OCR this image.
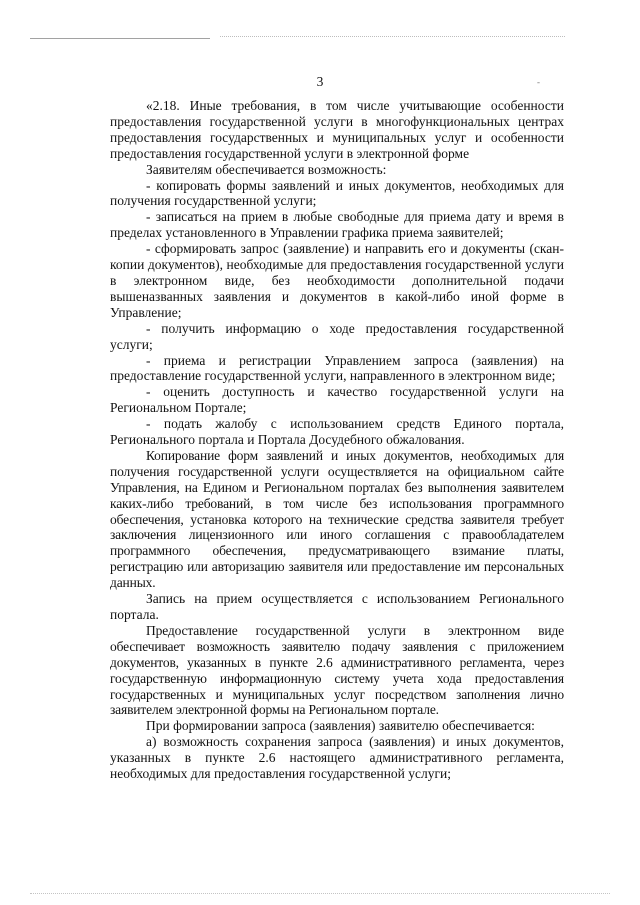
3	-

«2.18. Иные требования, в том числе учитывающие особенности предоставления государственной услуги в многофункциональных центрах предоставления государственных и муниципальных услуг и особенности предоставления государственной услуги в электронной форме

Заявителям обеспечивается возможность:

- копировать формы заявлений и иных документов, необходимых для получения государственной услуги;

- записаться на прием в любые свободные для приема дату и время в пределах установленного в Управлении графика приема заявителей;

- сформировать запрос (заявление) и направить его и документы (скан-копии документов), необходимые для предоставления государственной услуги в электронном виде, без необходимости дополнительной подачи вышеназванных заявления и документов в какой-либо иной форме в Управление;

- получить информацию о ходе предоставления государственной услуги;

- приема и регистрации Управлением запроса (заявления) на предоставление государственной услуги, направленного в электронном виде;

- оценить доступность и качество государственной услуги на Региональном Портале;

- подать жалобу с использованием средств Единого портала, Регионального портала и Портала Досудебного обжалования.

Копирование форм заявлений и иных документов, необходимых для получения государственной услуги осуществляется на официальном сайте Управления, на Едином и Региональном порталах без выполнения заявителем каких-либо требований, в том числе без использования программного обеспечения, установка которого на технические средства заявителя требует заключения лицензионного или иного соглашения с правообладателем программного обеспечения, предусматривающего взимание платы, регистрацию или авторизацию заявителя или предоставление им персональных данных.

Запись на прием осуществляется с использованием Регионального портала.

Предоставление государственной услуги в электронном виде обеспечивает возможность заявителю подачу заявления с приложением документов, указанных в пункте 2.6 административного регламента, через государственную информационную систему учета хода предоставления государственных и муниципальных услуг посредством заполнения лично заявителем электронной формы на Региональном портале.

При формировании запроса (заявления) заявителю обеспечивается:

а) возможность сохранения запроса (заявления) и иных документов, указанных в пункте 2.6 настоящего административного регламента, необходимых для предоставления государственной услуги;
